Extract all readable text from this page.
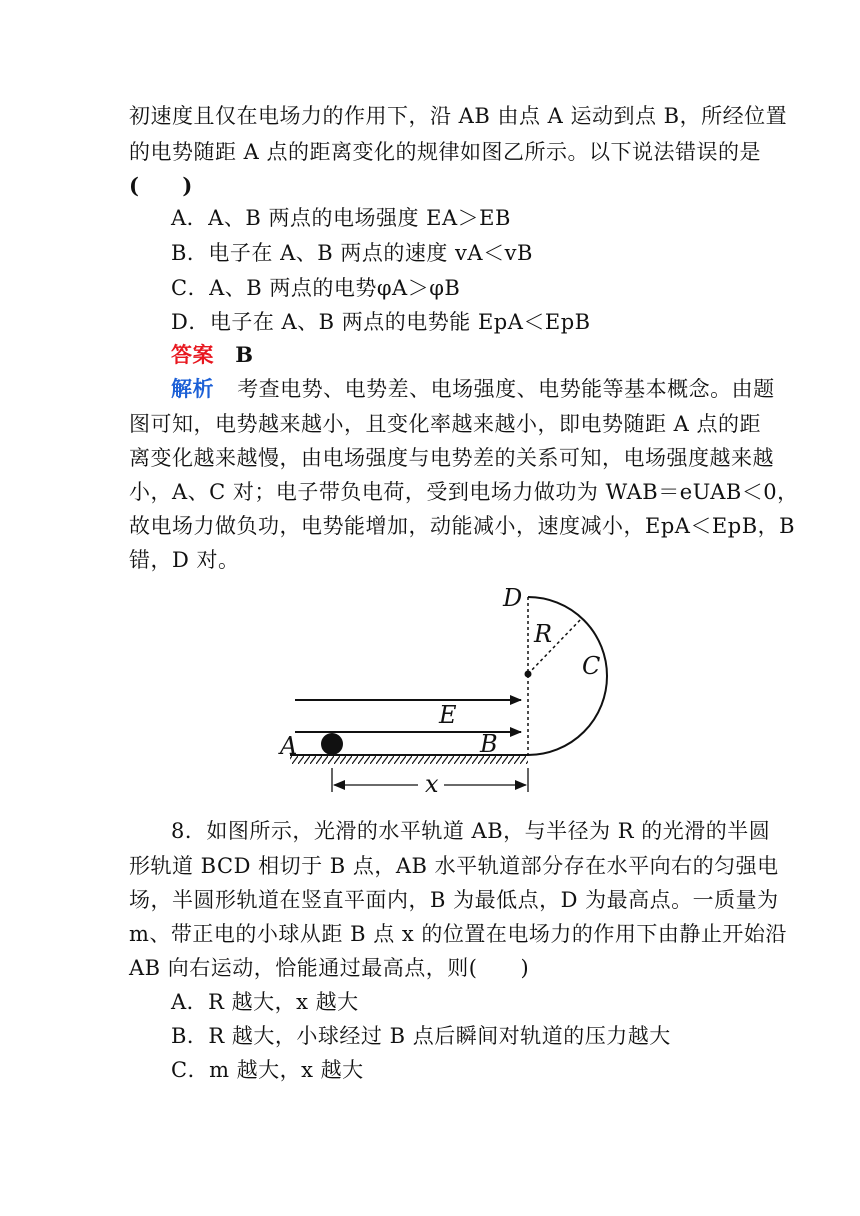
初速度且仅在电场力的作用下，沿 AB 由点 A 运动到点 B，所经位置
的电势随距 A 点的距离变化的规律如图乙所示。以下说法错误的是
(　　)
A．A、B 两点的电场强度 EA＞EB
B．电子在 A、B 两点的速度 vA＜vB
C．A、B 两点的电势φA＞φB
D．电子在 A、B 两点的电势能 EpA＜EpB
答案 B
解析 考查电势、电势差、电场强度、电势能等基本概念。由题
图可知，电势越来越小，且变化率越来越小，即电势随距 A 点的距
离变化越来越慢，由电场强度与电势差的关系可知，电场强度越来越
小，A、C 对；电子带负电荷，受到电场力做功为 WAB＝eUAB＜0，
故电场力做负功，电势能增加，动能减小，速度减小，EpA＜EpB，B
错，D 对。
D
R
C
E
A	B
x
8．如图所示，光滑的水平轨道 AB，与半径为 R 的光滑的半圆
形轨道 BCD 相切于 B 点，AB 水平轨道部分存在水平向右的匀强电
场，半圆形轨道在竖直平面内，B 为最低点，D 为最高点。一质量为
m、带正电的小球从距 B 点 x 的位置在电场力的作用下由静止开始沿
AB 向右运动，恰能通过最高点，则(　　)
A．R 越大，x 越大
B．R 越大，小球经过 B 点后瞬间对轨道的压力越大
C．m 越大，x 越大
